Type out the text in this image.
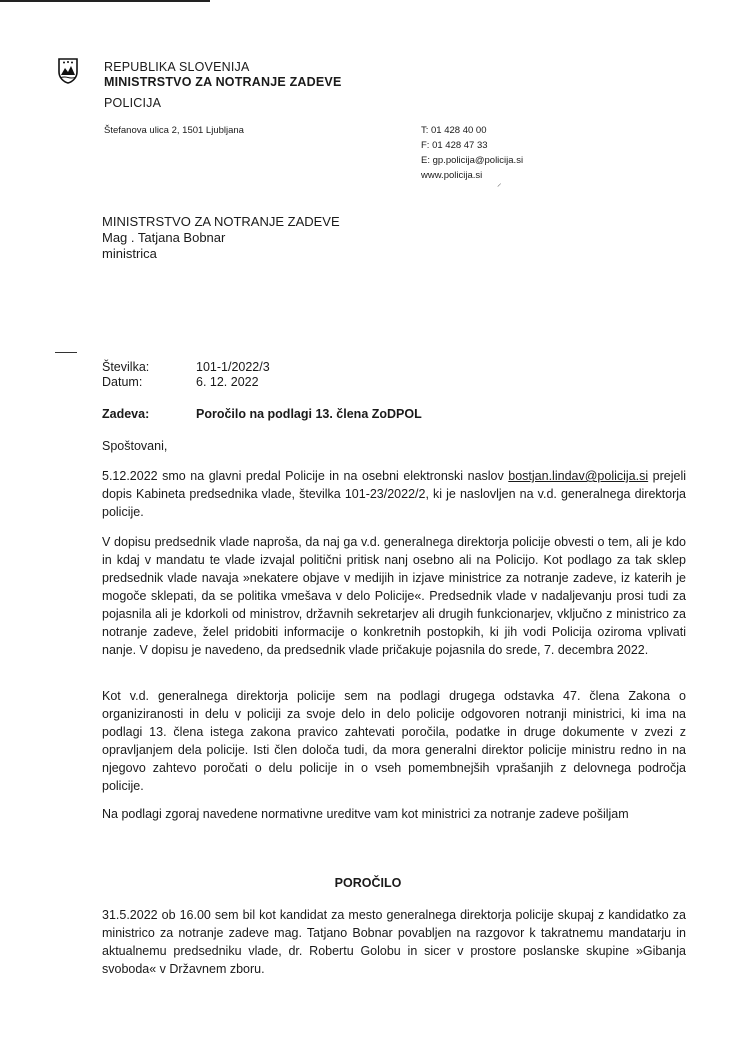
REPUBLIKA SLOVENIJA
MINISTRSTVO ZA NOTRANJE ZADEVE
POLICIJA
Štefanova ulica 2, 1501 Ljubljana	T: 01 428 40 00
F: 01 428 47 33
E: gp.policija@policija.si
www.policija.si
⸝
MINISTRSTVO ZA NOTRANJE ZADEVE
Mag . Tatjana Bobnar
ministrica
Številka:	101-1/2022/3
Datum:	6. 12. 2022
Zadeva:	Poročilo na podlagi 13. člena ZoDPOL

Spoštovani,

5.12.2022 smo na glavni predal Policije in na osebni elektronski naslov bostjan.lindav@policija.si prejeli dopis Kabineta predsednika vlade, številka 101-23/2022/2, ki je naslovljen na v.d. generalnega direktorja policije.

V dopisu predsednik vlade naproša, da naj ga v.d. generalnega direktorja policije obvesti o tem, ali je kdo in kdaj v mandatu te vlade izvajal politični pritisk nanj osebno ali na Policijo. Kot podlago za tak sklep predsednik vlade navaja »nekatere objave v medijih in izjave ministrice za notranje zadeve, iz katerih je mogoče sklepati, da se politika vmešava v delo Policije«. Predsednik vlade v nadaljevanju prosi tudi za pojasnila ali je kdorkoli od ministrov, državnih sekretarjev ali drugih funkcionarjev, vključno z ministrico za notranje zadeve, želel pridobiti informacije o konkretnih postopkih, ki jih vodi Policija oziroma vplivati nanje. V dopisu je navedeno, da predsednik vlade pričakuje pojasnila do srede, 7. decembra 2022.

Kot v.d. generalnega direktorja policije sem na podlagi drugega odstavka 47. člena Zakona o organiziranosti in delu v policiji za svoje delo in delo policije odgovoren notranji ministrici, ki ima na podlagi 13. člena istega zakona pravico zahtevati poročila, podatke in druge dokumente v zvezi z opravljanjem dela policije. Isti člen določa tudi, da mora generalni direktor policije ministru redno in na njegovo zahtevo poročati o delu policije in o vseh pomembnejših vprašanjih z delovnega področja policije.

Na podlagi zgoraj navedene normativne ureditve vam kot ministrici za notranje zadeve pošiljam

POROČILO

31.5.2022 ob 16.00 sem bil kot kandidat za mesto generalnega direktorja policije skupaj z kandidatko za ministrico za notranje zadeve mag. Tatjano Bobnar povabljen na razgovor k takratnemu mandatarju in aktualnemu predsedniku vlade, dr. Robertu Golobu in sicer v prostore poslanske skupine »Gibanja svoboda« v Državnem zboru.
